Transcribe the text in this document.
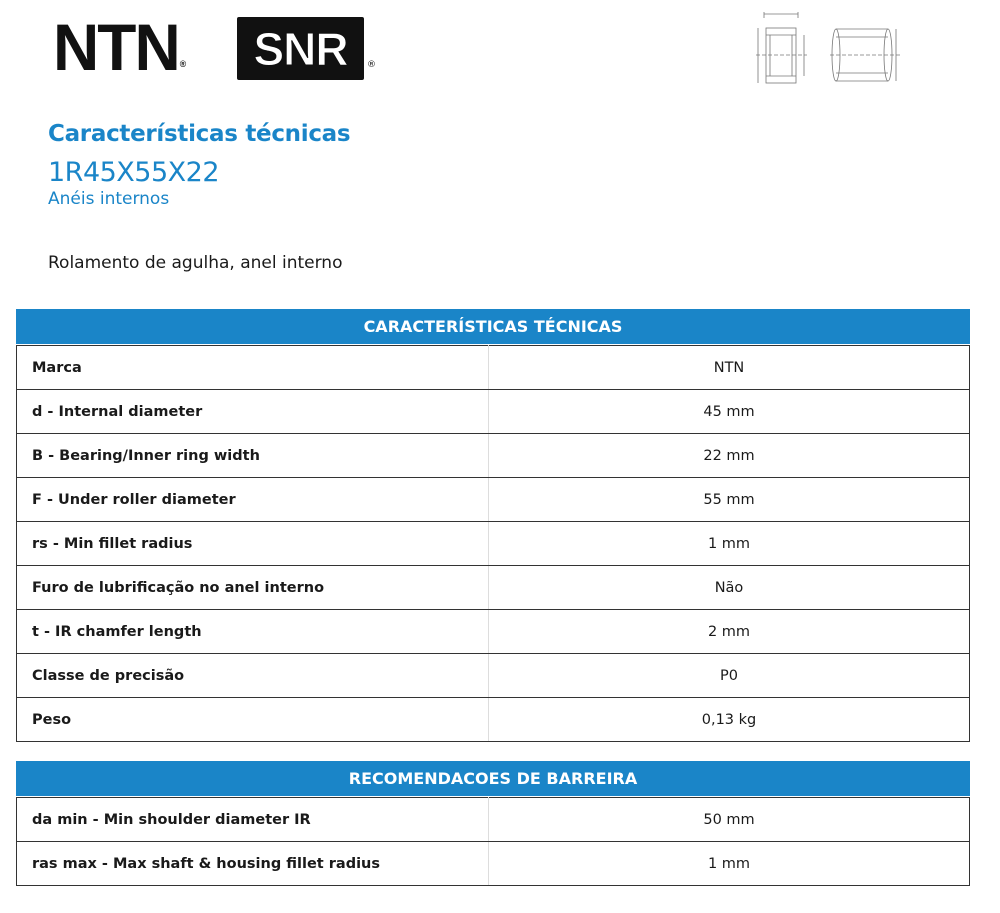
NTN® SNR ®
Características técnicas
1R45X55X22
Anéis internos
Rolamento de agulha, anel interno
CARACTERÍSTICAS TÉCNICAS	

Marca	NTN
d - Internal diameter	45 mm
B - Bearing/Inner ring width	22 mm
F - Under roller diameter	55 mm
rs - Min fillet radius	1 mm
Furo de lubrificação no anel interno	Não
t - IR chamfer length	2 mm
Classe de precisão	P0
Peso	0,13 kg
RECOMENDACOES DE BARREIRA	

da min - Min shoulder diameter IR	50 mm
ras max - Max shaft & housing fillet radius	1 mm
